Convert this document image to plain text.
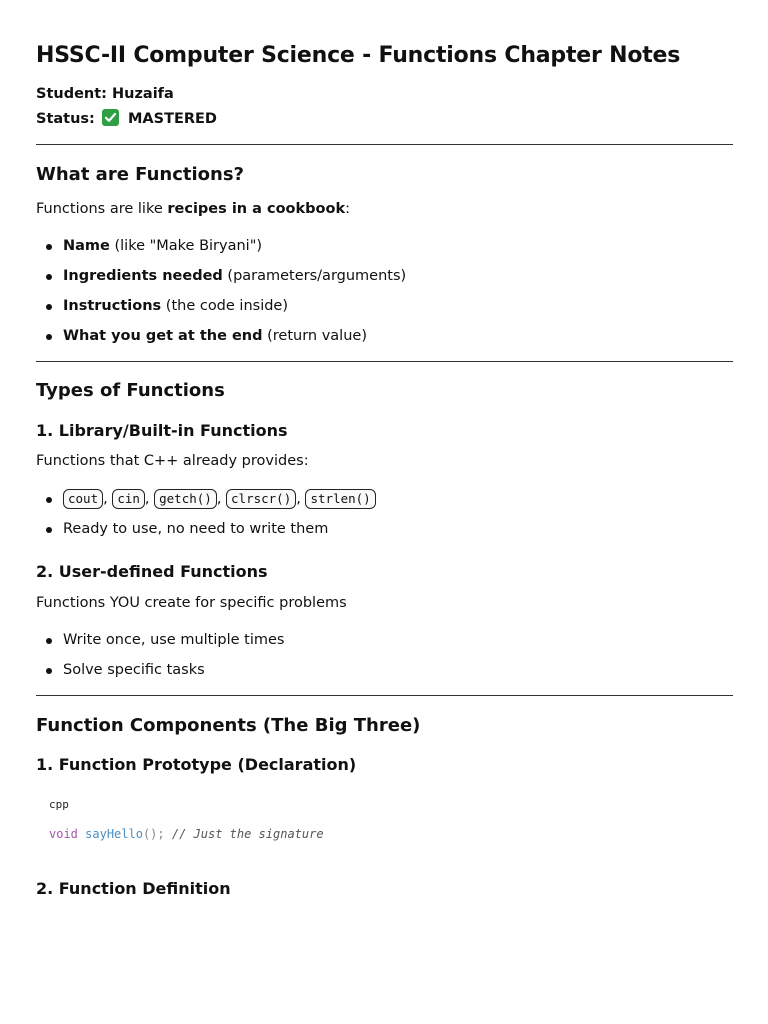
HSSC-II Computer Science - Functions Chapter Notes
Student: Huzaifa
Status: MASTERED
What are Functions?

Functions are like recipes in a cookbook:

Name (like "Make Biryani")
Ingredients needed (parameters/arguments)
Instructions (the code inside)
What you get at the end (return value)
Types of Functions
1. Library/Built-in Functions

Functions that C++ already provides:

cout , cin , getch() , clrscr() , strlen()
Ready to use, no need to write them
2. User-defined Functions

Functions YOU create for specific problems

Write once, use multiple times
Solve specific tasks
Function Components (The Big Three)
1. Function Prototype (Declaration)
cpp
void sayHello(); // Just the signature
2. Function Definition
